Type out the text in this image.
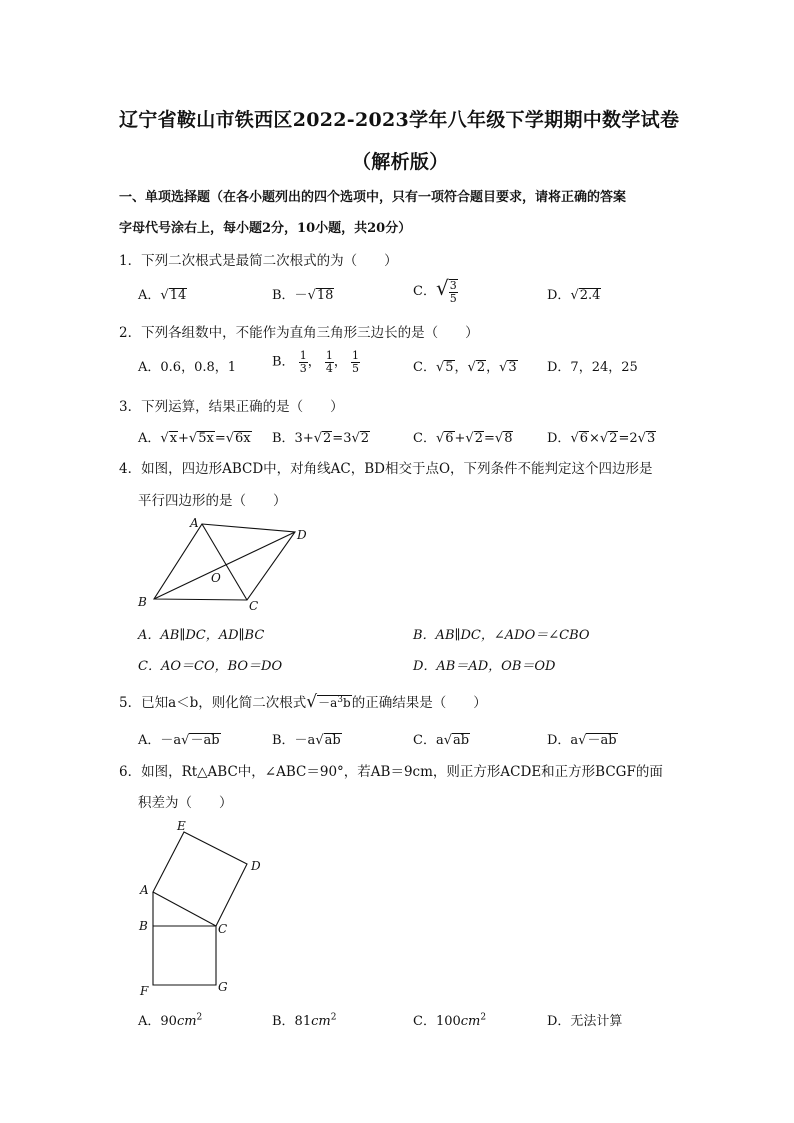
辽宁省鞍山市铁西区2022-2023学年八年级下学期期中数学试卷
（解析版）
一、单项选择题（在各小题列出的四个选项中，只有一项符合题目要求，请将正确的答案
字母代号涂右上，每小题2分，10小题，共20分）
1．下列二次根式是最简二次根式的为（　　）
A．√14	B．－√18	C．√ $\frac{3}{5}$	D．√2.4
2．下列各组数中，不能作为直角三角形三边长的是（　　）
A．0.6，0.8，1	B． $\frac{1}{3}$ ， $\frac{1}{4}$ ， $\frac{1}{5}$	C．√5，√2，√3 D．7，24，25
3．下列运算，结果正确的是（　　）
A．√x+√5x=√6x B．3+√2=3√2	C．√6+√2=√8	D．√6×√2=2√3
4．如图，四边形ABCD中，对角线AC，BD相交于点O，下列条件不能判定这个四边形是
平行四边形的是（　　）
A
D
O
B	C
A．AB∥DC，AD∥BC	B．AB∥DC，∠ADO＝∠CBO
C．AO＝CO，BO＝DO	D．AB＝AD，OB＝OD
5．已知a＜b，则化简二次根式$√-a^3b$的正确结果是（　　）
A．－a√－ab	B．－a√ab	C．a√ab	D．a√－ab
6．如图，Rt△ABC中，∠ABC＝90°，若AB＝9cm，则正方形ACDE和正方形BCGF的面
积差为（　　）
E
D
A
B	C
F	G
A．$90cm^2$	B．$81cm^2$	C．$100cm^2$	D．无法计算
